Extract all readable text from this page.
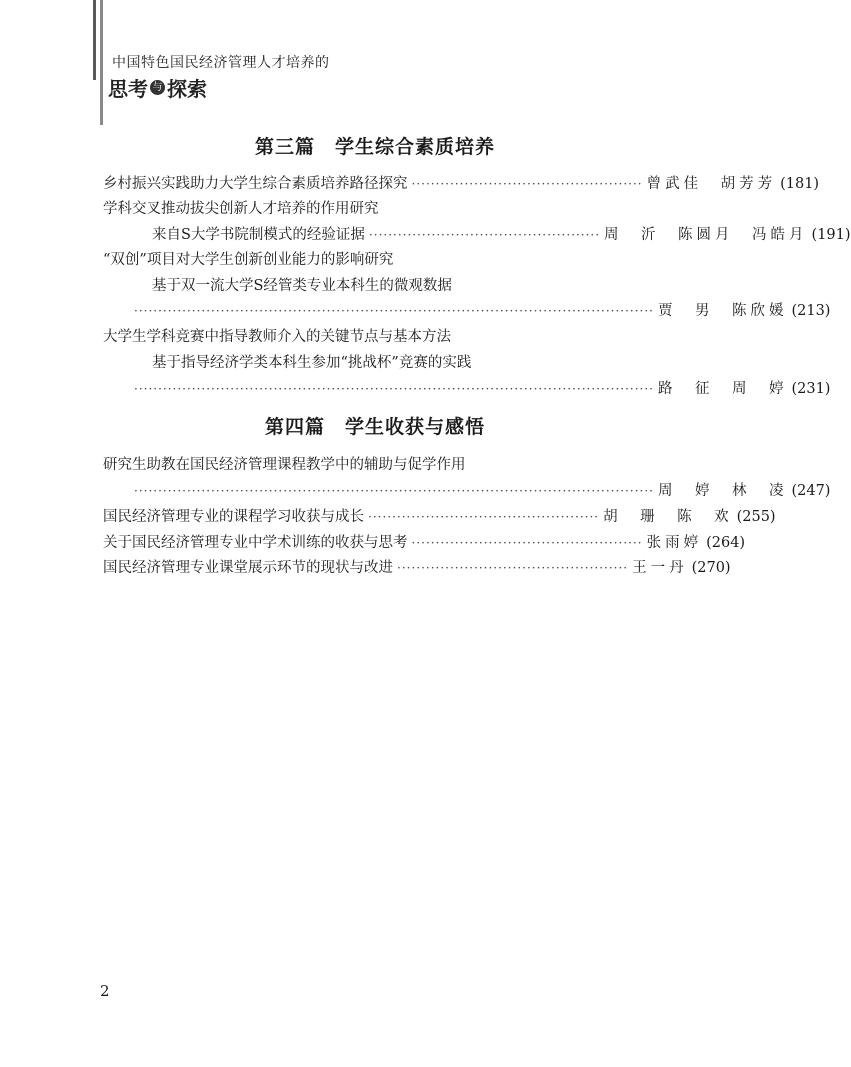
中国特色国民经济管理人才培养的
思考 与 探索
第三篇　学生综合素质培养
乡村振兴实践助力大学生综合素质培养路径探究 ················································ 曾武佳　胡芳芳 (181)
学科交叉推动拔尖创新人才培养的作用研究
来自S大学书院制模式的经验证据 ················································ 周　沂　陈圆月　冯皓月 (191)
“双创”项目对大学生创新创业能力的影响研究
基于双一流大学S经管类专业本科生的微观数据
············································································································ 贾　男　陈欣媛 (213)
大学生学科竞赛中指导教师介入的关键节点与基本方法
基于指导经济学类本科生参加“挑战杯”竞赛的实践
············································································································ 路　征　周　婷 (231)
第四篇　学生收获与感悟
研究生助教在国民经济管理课程教学中的辅助与促学作用
············································································································ 周　婷　林　凌 (247)
国民经济管理专业的课程学习收获与成长 ················································ 胡　珊　陈　欢 (255)
关于国民经济管理专业中学术训练的收获与思考 ················································ 张雨婷 (264)
国民经济管理专业课堂展示环节的现状与改进 ················································ 王一丹 (270)
2
